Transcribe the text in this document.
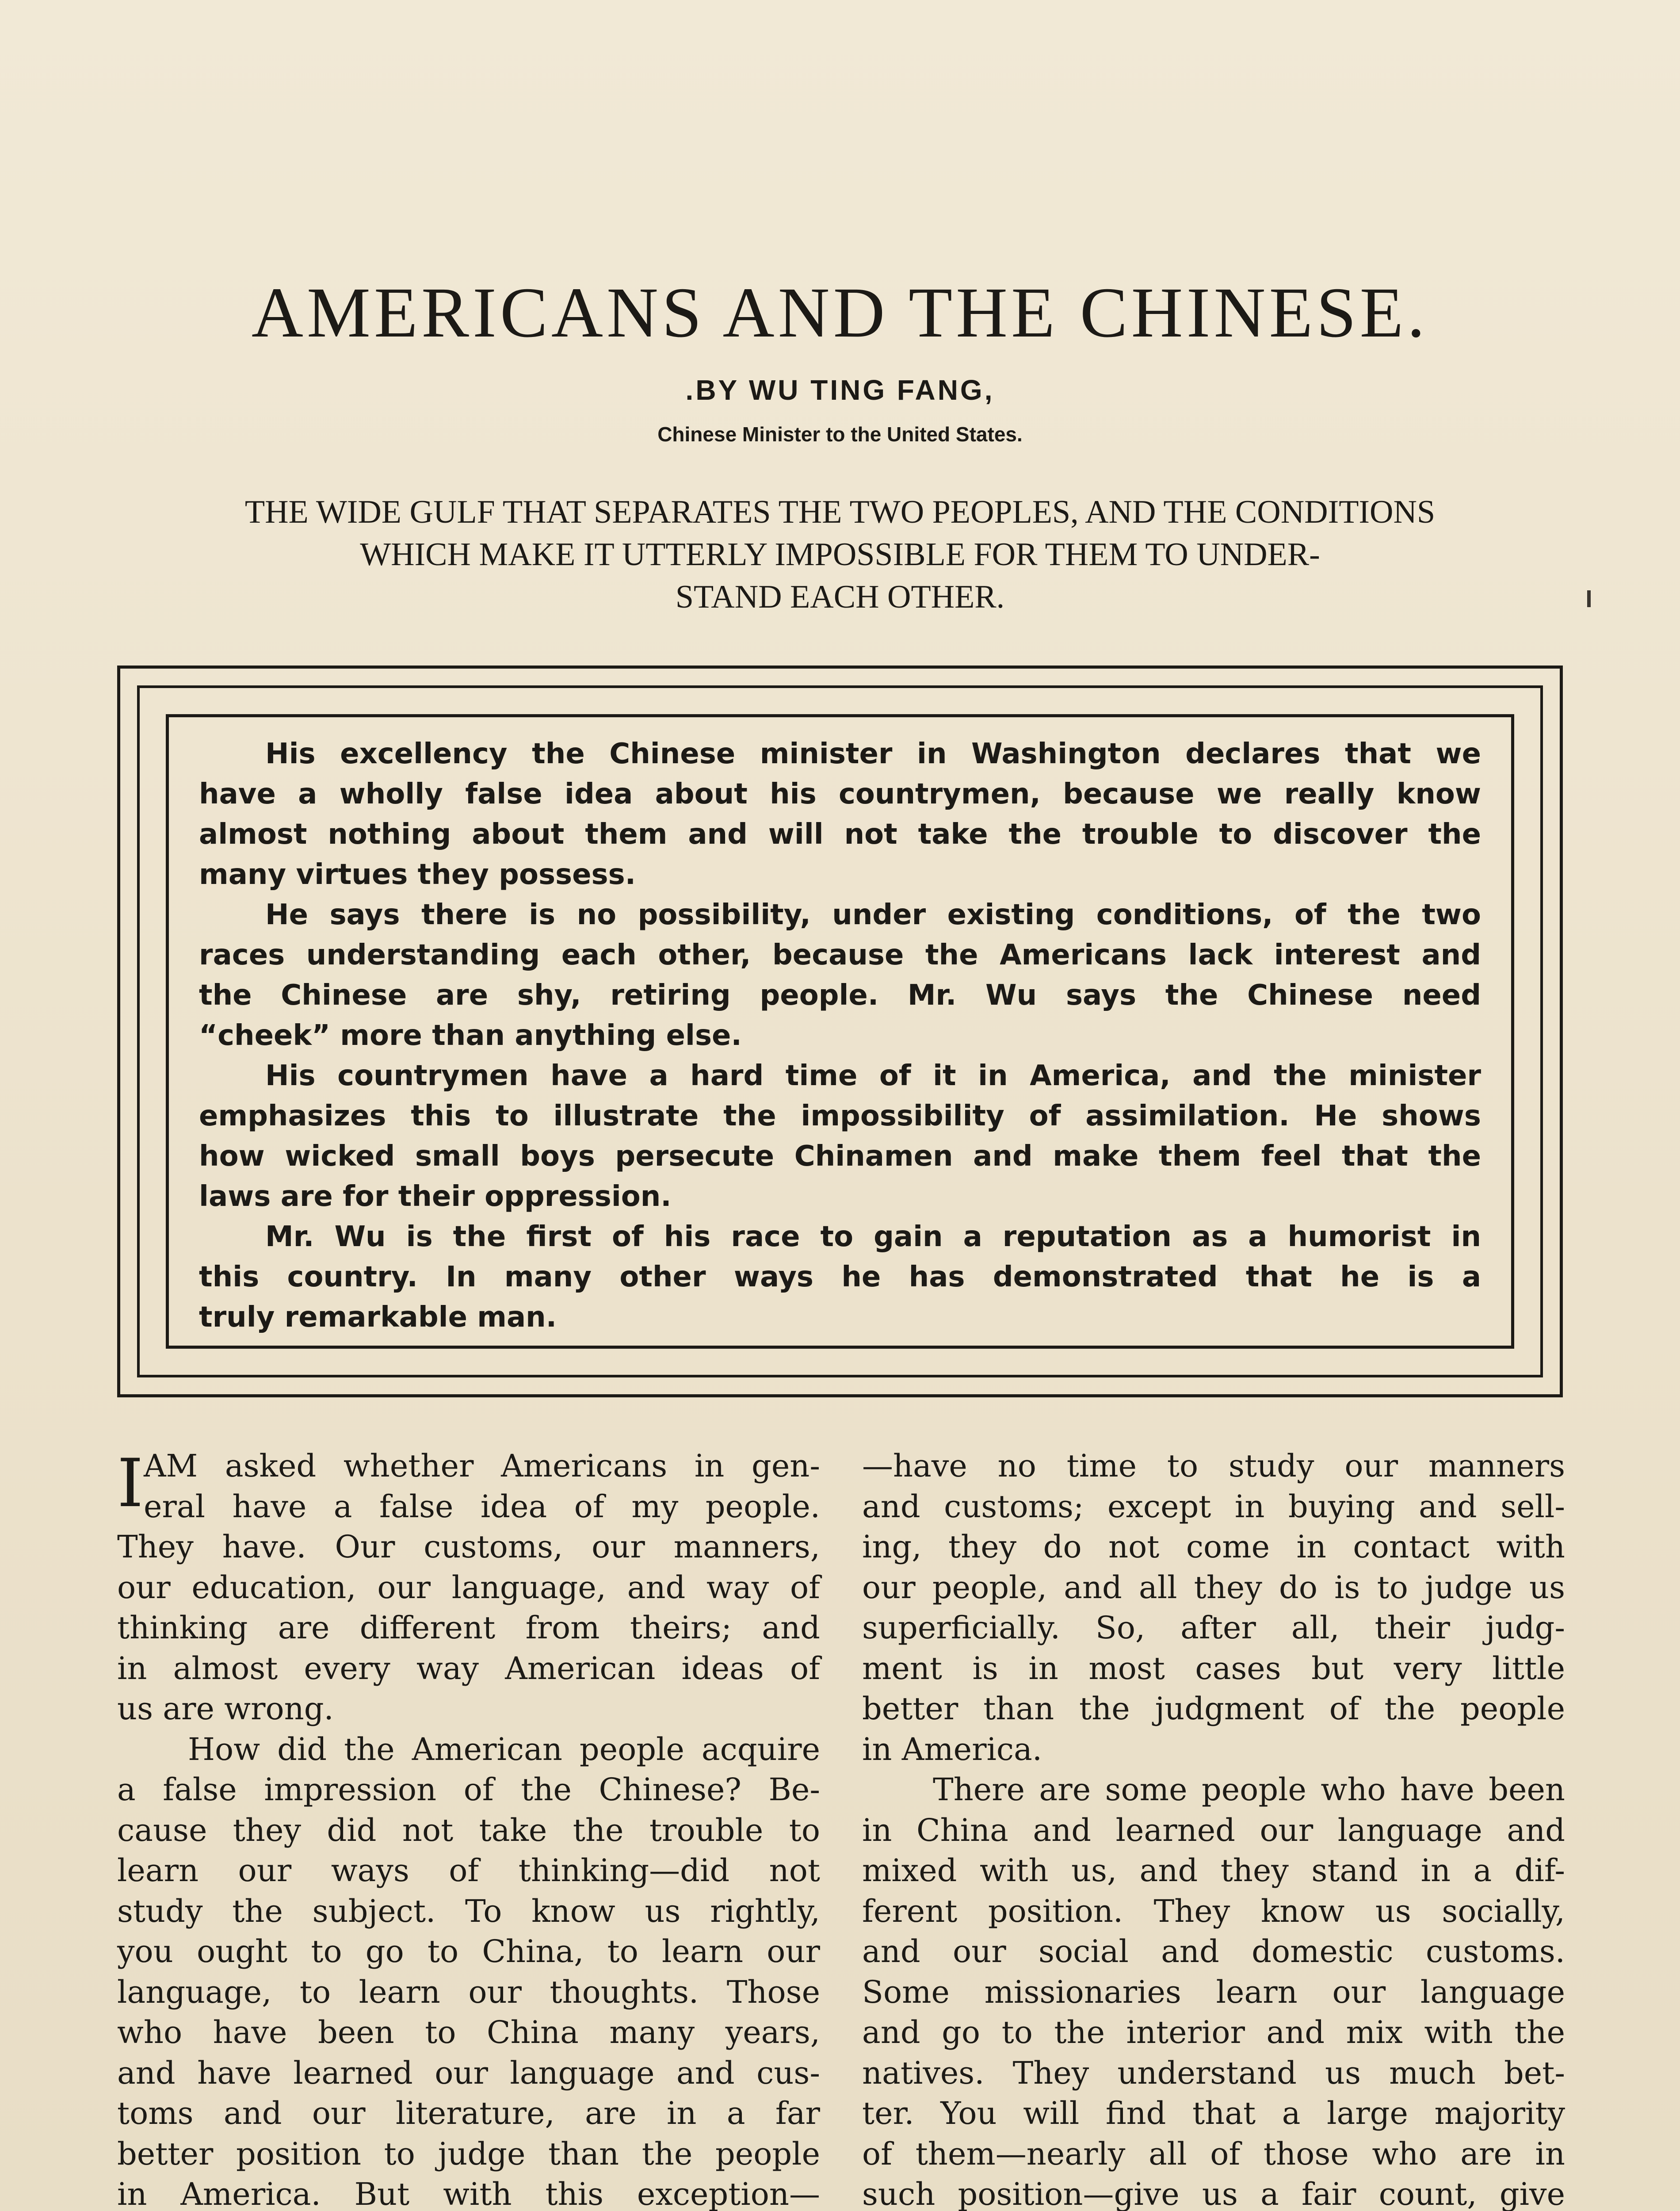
AMERICANS AND THE CHINESE.
.BY WU TING FANG,
Chinese Minister to the United States.
THE WIDE GULF THAT SEPARATES THE TWO PEOPLES, AND THE CONDITIONS
WHICH MAKE IT UTTERLY IMPOSSIBLE FOR THEM TO UNDER-
STAND EACH OTHER.

His excellency the Chinese minister in Washington declares that we
have a wholly false idea about his countrymen, because we really know
almost nothing about them and will not take the trouble to discover the
many virtues they possess.

He says there is no possibility, under existing conditions, of the two
races understanding each other, because the Americans lack interest and
the Chinese are shy, retiring people. Mr. Wu says the Chinese need
“cheek” more than anything else.

His countrymen have a hard time of it in America, and the minister
emphasizes this to illustrate the impossibility of assimilation. He shows
how wicked small boys persecute Chinamen and make them feel that the
laws are for their oppression.

Mr. Wu is the first of his race to gain a reputation as a humorist in
this country. In many other ways he has demonstrated that he is a
truly remarkable man.

I AM asked whether Americans in gen-
eral have a false idea of my people.
They have. Our customs, our manners,
our education, our language, and way of
thinking are different from theirs; and
in almost every way American ideas of
us are wrong.
How did the American people acquire
a false impression of the Chinese? Be-
cause they did not take the trouble to
learn our ways of thinking—did not
study the subject. To know us rightly,
you ought to go to China, to learn our
language, to learn our thoughts. Those
who have been to China many years,
and have learned our language and cus-
toms and our literature, are in a far
better position to judge than the people
in America. But with this exception—
—have no time to study our manners
and customs; except in buying and sell-
ing, they do not come in contact with
our people, and all they do is to judge us
superficially. So, after all, their judg-
ment is in most cases but very little
better than the judgment of the people
in America.
There are some people who have been
in China and learned our language and
mixed with us, and they stand in a dif-
ferent position. They know us socially,
and our social and domestic customs.
Some missionaries learn our language
and go to the interior and mix with the
natives. They understand us much bet-
ter. You will find that a large majority
of them—nearly all of those who are in
such position—give us a fair count, give
